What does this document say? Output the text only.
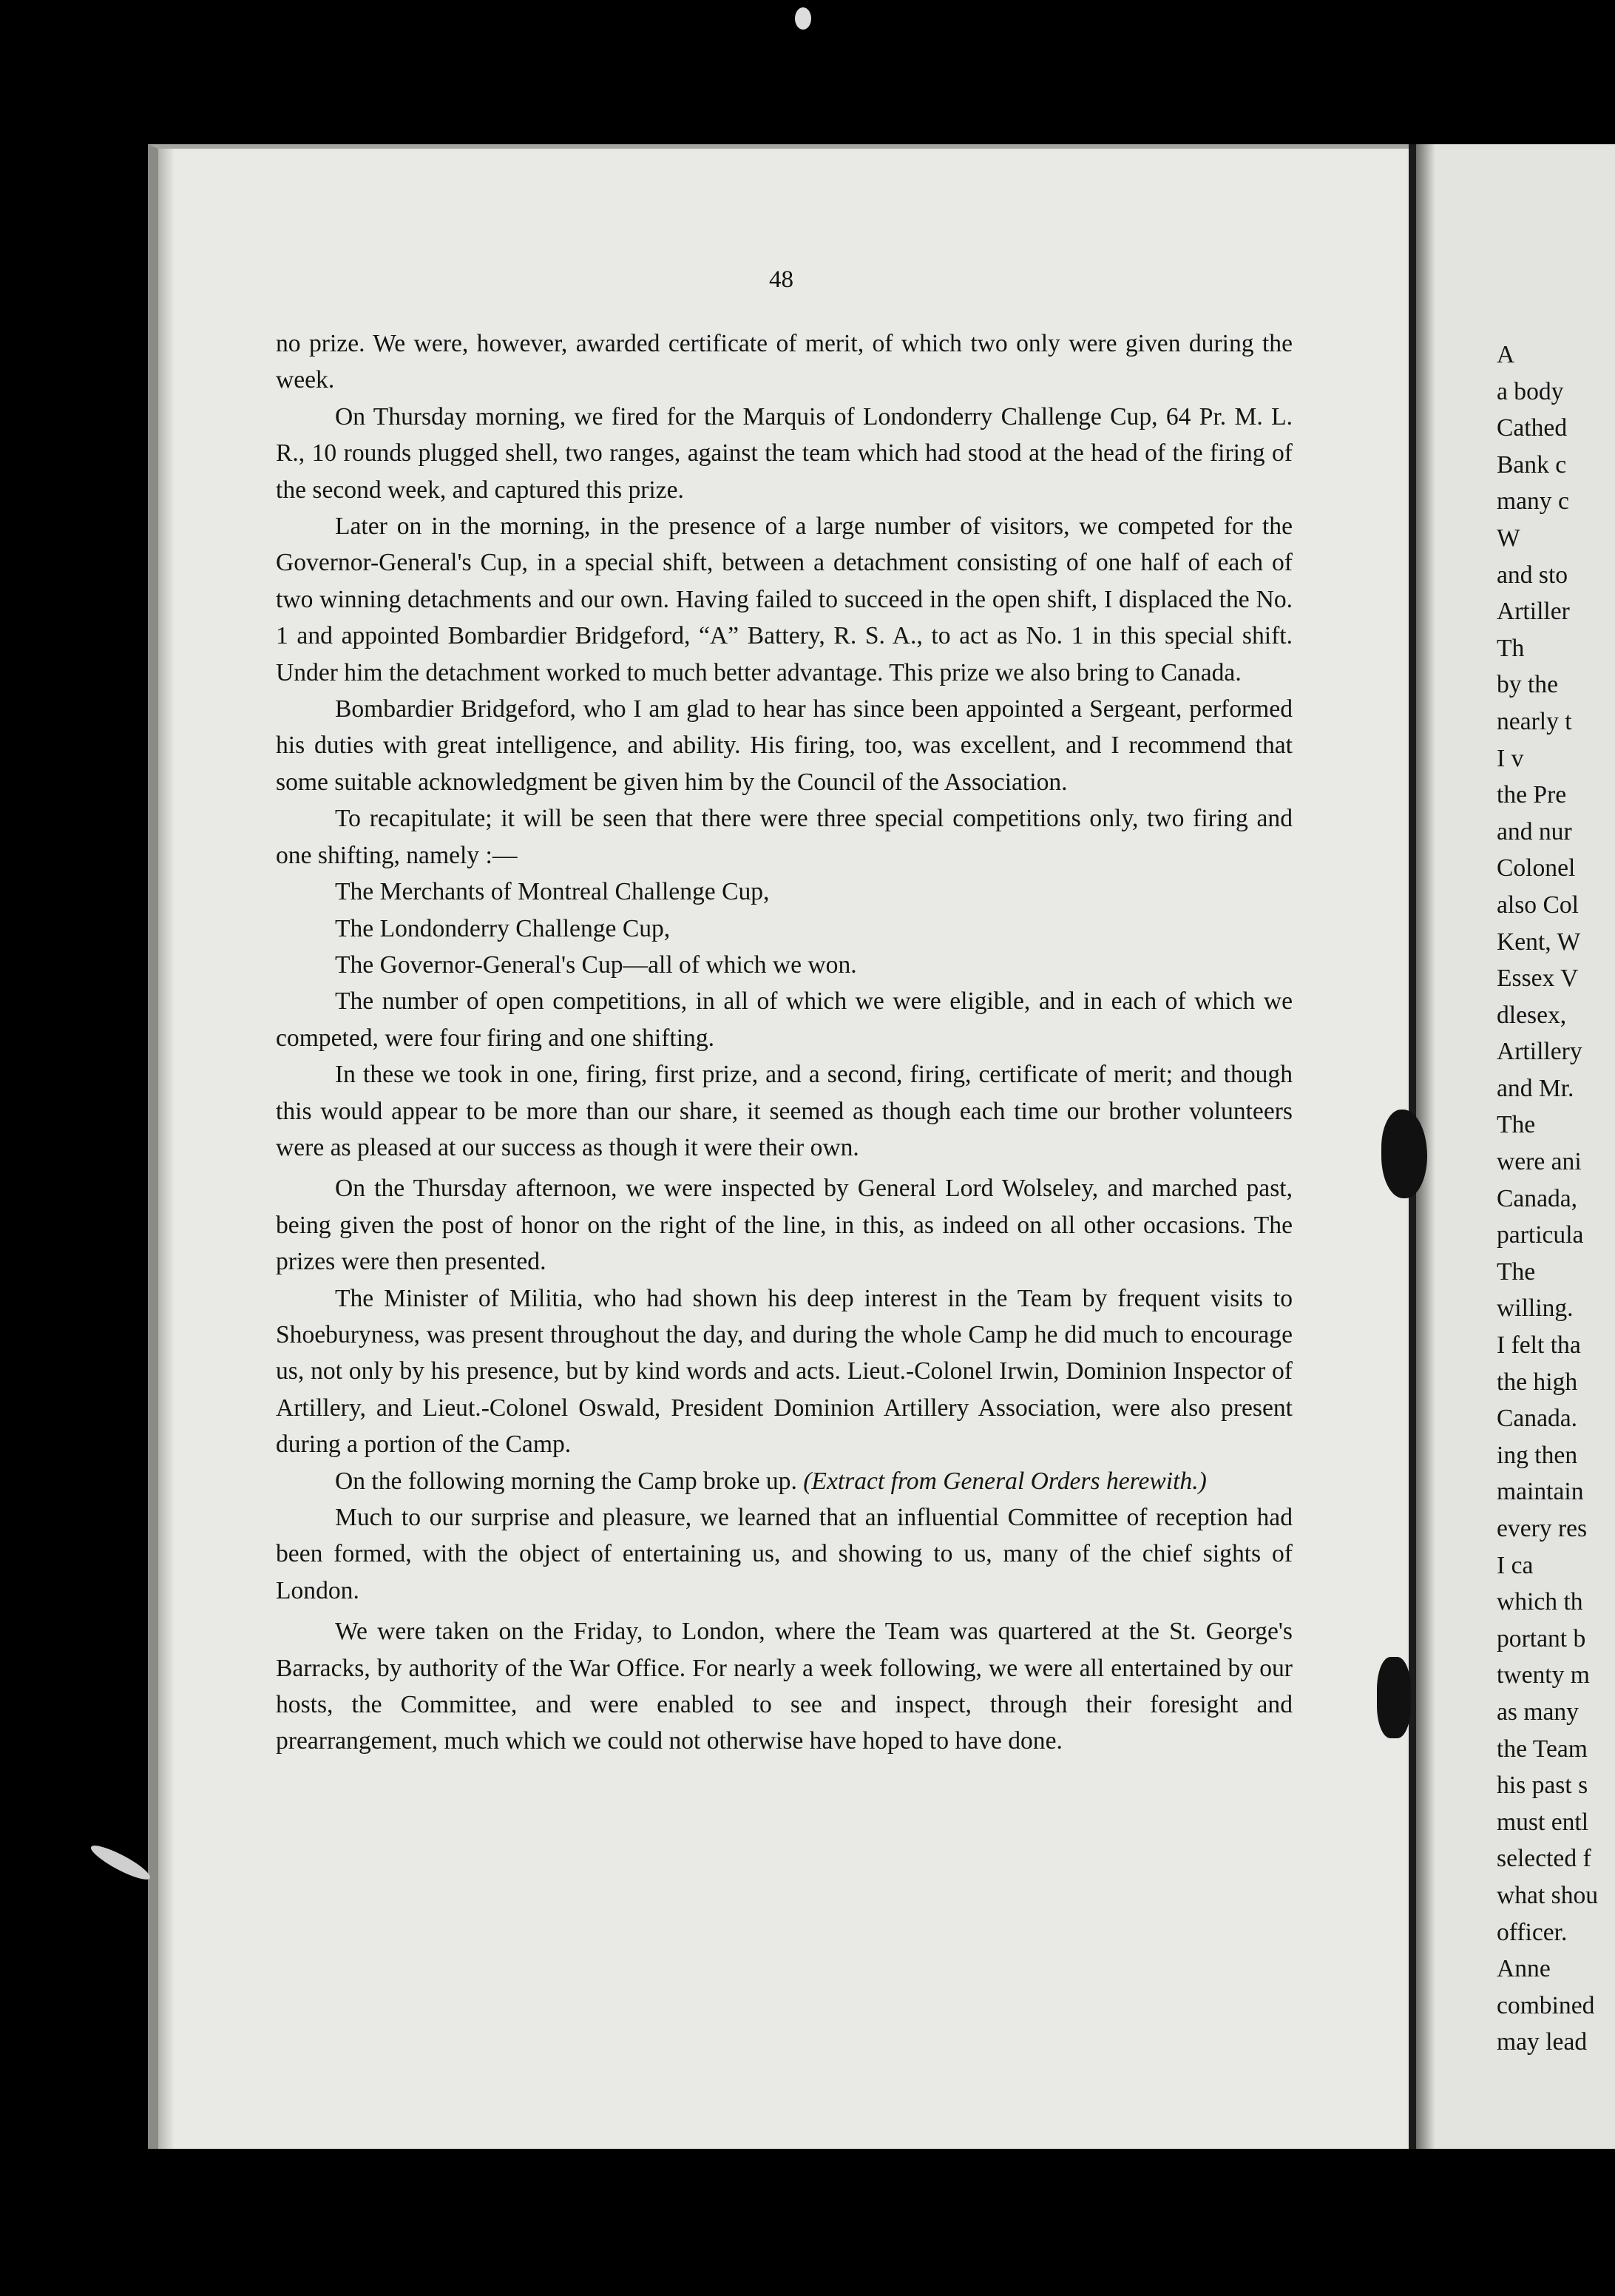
48

no prize. We were, however, awarded certificate of merit, of which two only were given during the week.

On Thursday morning, we fired for the Marquis of Londonderry Challenge Cup, 64 Pr. M. L. R., 10 rounds plugged shell, two ranges, against the team which had stood at the head of the firing of the second week, and captured this prize.

Later on in the morning, in the presence of a large number of visitors, we competed for the Governor-General's Cup, in a special shift, between a detachment consisting of one half of each of two winning detachments and our own. Having failed to succeed in the open shift, I displaced the No. 1 and appointed Bombardier Bridgeford, “A” Battery, R. S. A., to act as No. 1 in this special shift. Under him the detachment worked to much better advantage. This prize we also bring to Canada.

Bombardier Bridgeford, who I am glad to hear has since been appointed a Sergeant, performed his duties with great intelligence, and ability. His firing, too, was excellent, and I recommend that some suitable acknowledgment be given him by the Council of the Association.

To recapitulate; it will be seen that there were three special competitions only, two firing and one shifting, namely :—

The Merchants of Montreal Challenge Cup,

The Londonderry Challenge Cup,

The Governor-General's Cup—all of which we won.

The number of open competitions, in all of which we were eligible, and in each of which we competed, were four firing and one shifting.

In these we took in one, firing, first prize, and a second, firing, certificate of merit; and though this would appear to be more than our share, it seemed as though each time our brother volunteers were as pleased at our success as though it were their own.

On the Thursday afternoon, we were inspected by General Lord Wolseley, and marched past, being given the post of honor on the right of the line, in this, as indeed on all other occasions. The prizes were then presented.

The Minister of Militia, who had shown his deep interest in the Team by frequent visits to Shoeburyness, was present throughout the day, and during the whole Camp he did much to encourage us, not only by his presence, but by kind words and acts. Lieut.-Colonel Irwin, Dominion Inspector of Artillery, and Lieut.-Colonel Oswald, President Dominion Artillery Association, were also present during a portion of the Camp.

On the following morning the Camp broke up. (Extract from General Orders herewith.)

Much to our surprise and pleasure, we learned that an influential Committee of reception had been formed, with the object of entertaining us, and showing to us, many of the chief sights of London.

We were taken on the Friday, to London, where the Team was quartered at the St. George's Barracks, by authority of the War Office. For nearly a week following, we were all entertained by our hosts, the Committee, and were enabled to see and inspect, through their foresight and prearrangement, much which we could not otherwise have hoped to have done.

A
a body
Cathed
Bank c
many c
W
and sto
Artiller
Th
by the
nearly t
I v
the Pre
and nur
Colonel
also Col
Kent, W
Essex V
dlesex,
Artillery
and Mr.
The
were ani
Canada,
particula
The
willing.
I felt tha
the high
Canada.
ing then
maintain
every res
I ca
which th
portant b
twenty m
as many
the Team
his past s
must entl
selected f
what shou
officer.
Anne
combined
may lead
